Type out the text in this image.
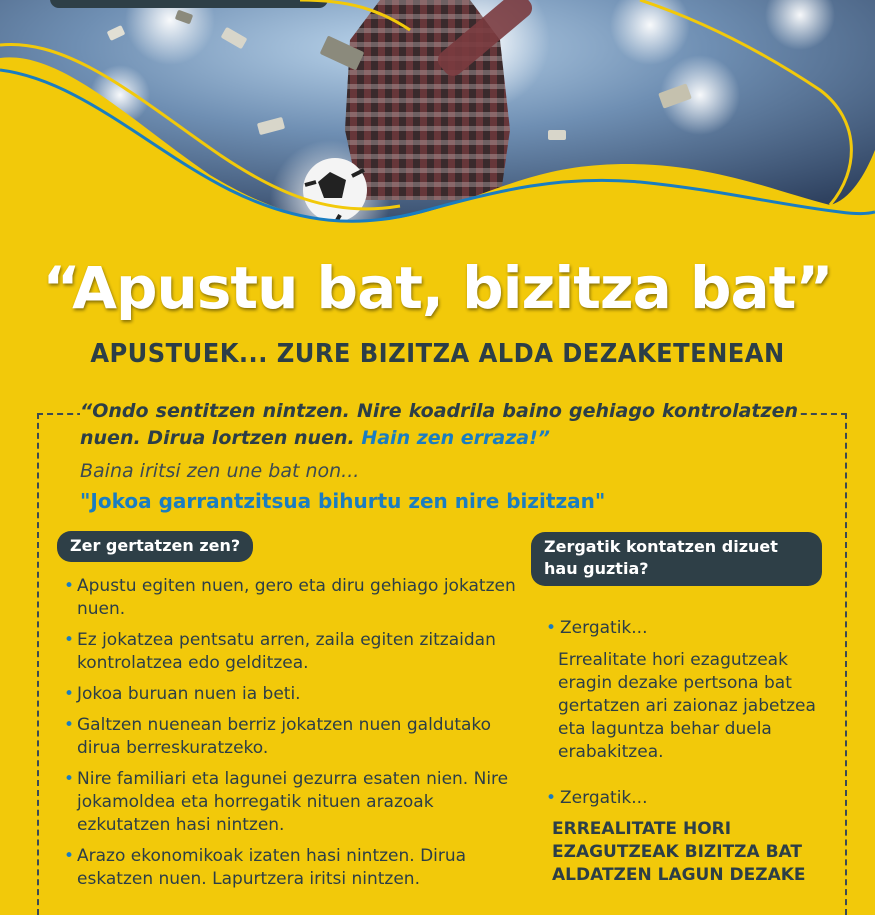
“Apustu bat, bizitza bat”
APUSTUEK... ZURE BIZITZA ALDA DEZAKETENEAN
“Ondo sentitzen nintzen. Nire koadrila baino gehiago kontrolatzen nuen. Dirua lortzen nuen. Hain zen erraza!”
Baina iritsi zen une bat non...
"Jokoa garrantzitsua bihurtu zen nire bizitzan"
Zer gertatzen zen?
• Apustu egiten nuen, gero eta diru gehiago jokatzen nuen.
• Ez jokatzea pentsatu arren, zaila egiten zitzaidan kontrolatzea edo gelditzea.
• Jokoa buruan nuen ia beti.
• Galtzen nuenean berriz jokatzen nuen galdutako dirua berreskuratzeko.
• Nire familiari eta lagunei gezurra esaten nien. Nire jokamoldea eta horregatik nituen arazoak ezkutatzen hasi nintzen.
• Arazo ekonomikoak izaten hasi nintzen. Dirua eskatzen nuen. Lapurtzera iritsi nintzen.
Zergatik kontatzen dizuet hau guztia?
• Zergatik...
Errealitate hori ezagutzeak eragin dezake pertsona bat gertatzen ari zaionaz jabetzea eta laguntza behar duela erabakitzea.
• Zergatik...
ERREALITATE HORI EZAGUTZEAK BIZITZA BAT ALDATZEN LAGUN DEZAKE
